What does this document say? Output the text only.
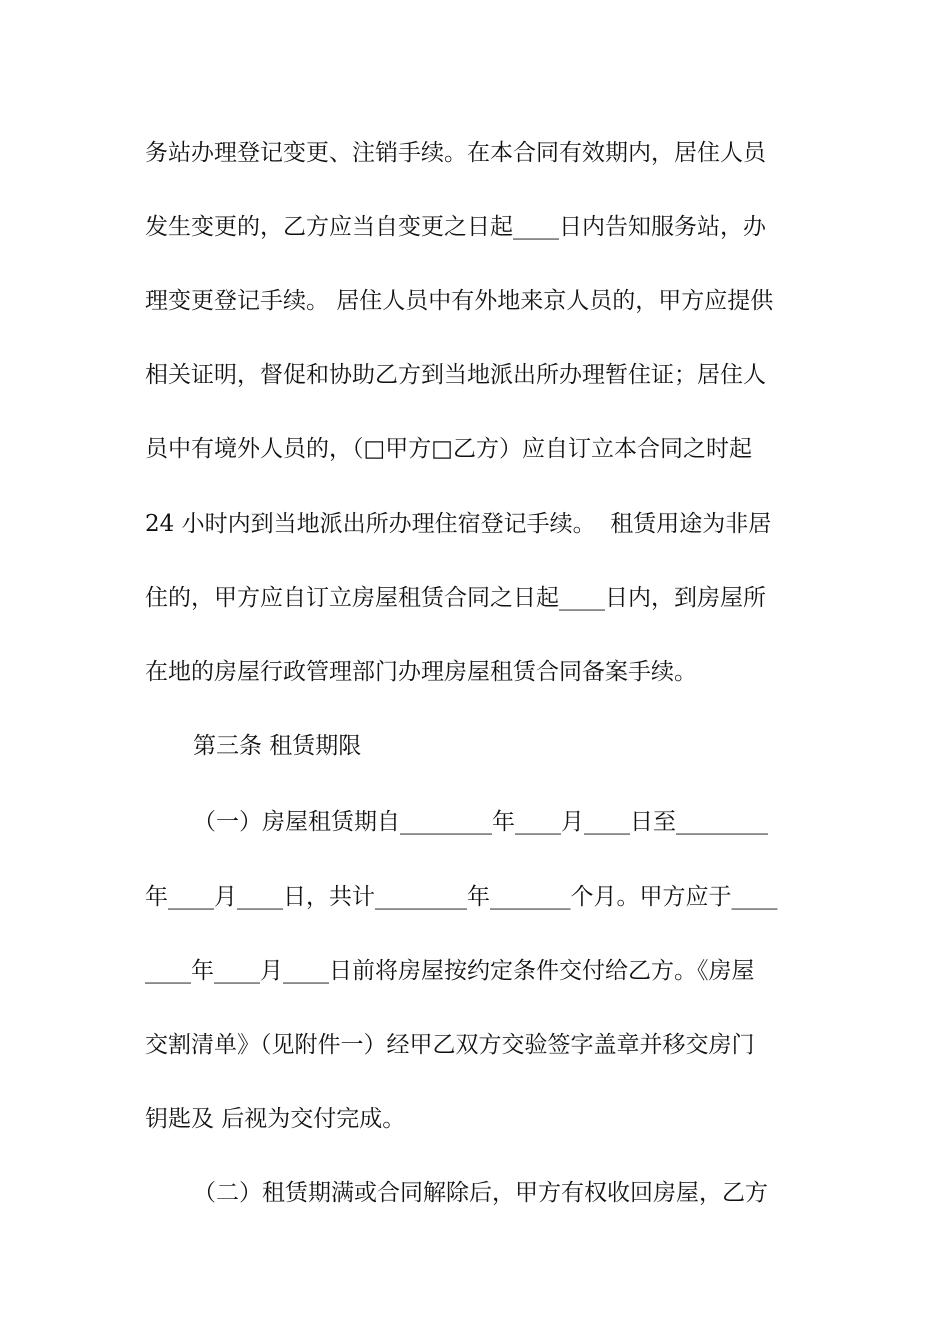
务站办理登记变更、注销手续。在本合同有效期内，居住人员

发生变更的，乙方应当自变更之日起____日内告知服务站，办

理变更登记手续。 居住人员中有外地来京人员的，甲方应提供

相关证明，督促和协助乙方到当地派出所办理暂住证；居住人

员中有境外人员的，（□甲方□乙方）应自订立本合同之时起

24 小时内到当地派出所办理住宿登记手续。  租赁用途为非居

住的，甲方应自订立房屋租赁合同之日起____日内，到房屋所

在地的房屋行政管理部门办理房屋租赁合同备案手续。

第三条 租赁期限

（一）房屋租赁期自________年____月____日至________

年____月____日，共计________年_______个月。甲方应于____

____年____月____日前将房屋按约定条件交付给乙方。《房屋

交割清单》（见附件一）经甲乙双方交验签字盖章并移交房门

钥匙及 后视为交付完成。

（二）租赁期满或合同解除后，甲方有权收回房屋，乙方
